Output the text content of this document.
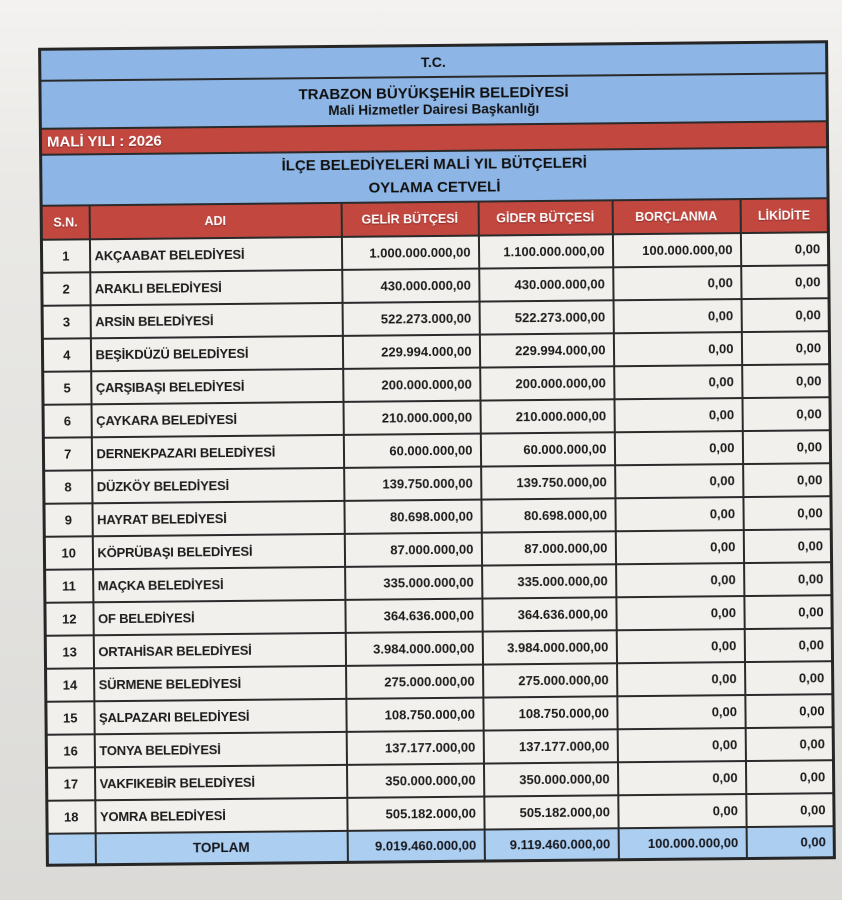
T.C.					

TRABZON BÜYÜKŞEHİR BELEDİYESİ
Mali Hizmetler Dairesi Başkanlığı					

MALİ YILI : 2026					

İLÇE BELEDİYELERİ MALİ YIL BÜTÇELERİ
OYLAMA CETVELİ					

S.N.	ADI	GELİR BÜTÇESİ	GİDER BÜTÇESİ	BORÇLANMA	LİKİDİTE
1	AKÇAABAT BELEDİYESİ	1.000.000.000,00	1.100.000.000,00	100.000.000,00	0,00
2	ARAKLI BELEDİYESİ	430.000.000,00	430.000.000,00	0,00	0,00
3	ARSİN BELEDİYESİ	522.273.000,00	522.273.000,00	0,00	0,00
4	BEŞİKDÜZÜ BELEDİYESİ	229.994.000,00	229.994.000,00	0,00	0,00
5	ÇARŞIBAŞI BELEDİYESİ	200.000.000,00	200.000.000,00	0,00	0,00
6	ÇAYKARA BELEDİYESİ	210.000.000,00	210.000.000,00	0,00	0,00
7	DERNEKPAZARI BELEDİYESİ	60.000.000,00	60.000.000,00	0,00	0,00
8	DÜZKÖY BELEDİYESİ	139.750.000,00	139.750.000,00	0,00	0,00
9	HAYRAT BELEDİYESİ	80.698.000,00	80.698.000,00	0,00	0,00
10	KÖPRÜBAŞI BELEDİYESİ	87.000.000,00	87.000.000,00	0,00	0,00
11	MAÇKA BELEDİYESİ	335.000.000,00	335.000.000,00	0,00	0,00
12	OF BELEDİYESİ	364.636.000,00	364.636.000,00	0,00	0,00
13	ORTAHİSAR BELEDİYESİ	3.984.000.000,00	3.984.000.000,00	0,00	0,00
14	SÜRMENE BELEDİYESİ	275.000.000,00	275.000.000,00	0,00	0,00
15	ŞALPAZARI BELEDİYESİ	108.750.000,00	108.750.000,00	0,00	0,00
16	TONYA BELEDİYESİ	137.177.000,00	137.177.000,00	0,00	0,00
17	VAKFIKEBİR BELEDİYESİ	350.000.000,00	350.000.000,00	0,00	0,00
18	YOMRA BELEDİYESİ	505.182.000,00	505.182.000,00	0,00	0,00
	TOPLAM	9.019.460.000,00	9.119.460.000,00	100.000.000,00	0,00
